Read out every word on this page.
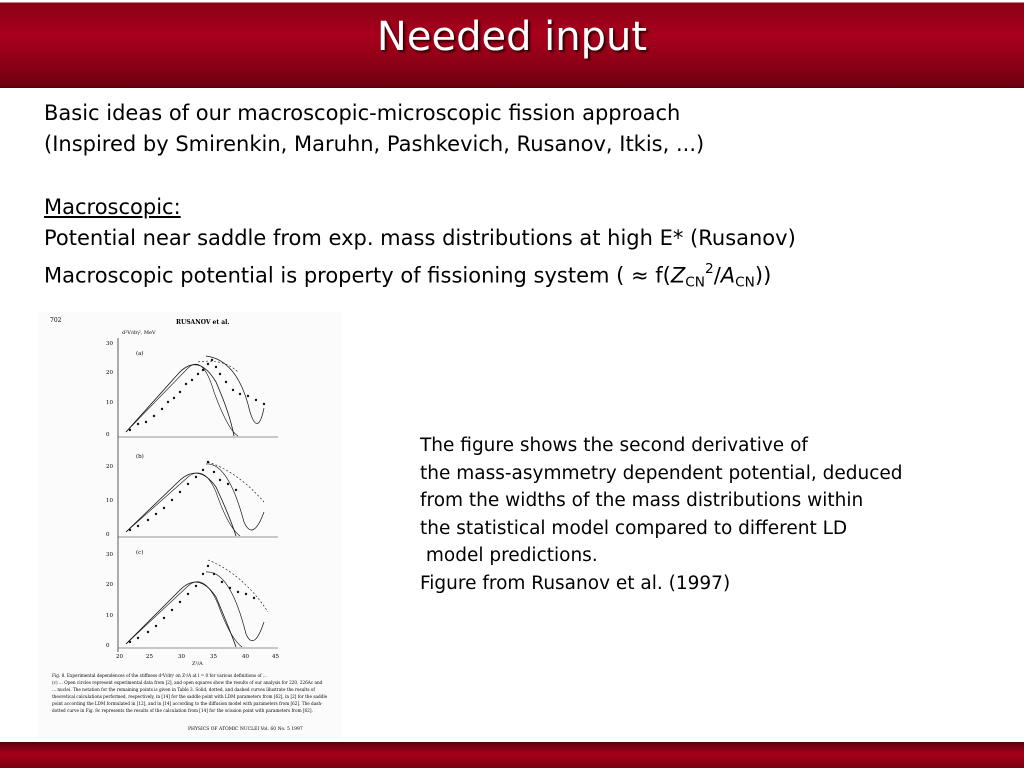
Needed input
Basic ideas of our macroscopic-microscopic fission approach
(Inspired by Smirenkin, Maruhn, Pashkevich, Rusanov, Itkis, ...)
Macroscopic:
Potential near saddle from exp. mass distributions at high E* (Rusanov)
Macroscopic potential is property of fissioning system ( ≈ $f(Z_{CN}^2/A_{CN})$)
702	RUSANOV et al.
d²V/dη², MeV
30
20
10
0
(a)
20
10
0
(b)
30
20
10
0
(c)
20	25	30	35	40	45
Z²/A
Fig. 8. Experimental dependences of the stiffness d²V/dη² on Z²/A at l = 0 for various definitions of ...
(c) ... Open circles represent experimental data from [2], and open squares show the results of our analysis for 220, 226Ac and
... nuclei. The notation for the remaining points is given in Table 3. Solid, dotted, and dashed curves illustrate the results of
theoretical calculations performed, respectively, in [14] for the saddle point with LDM parameters from [62], in [2] for the saddle
point according the LDM formulated in [12], and in [14] according to the diffusion model with parameters from [62]. The dash-
dotted curve in Fig. 8c represents the results of the calculation from [14] for the scission point with parameters from [62].
PHYSICS OF ATOMIC NUCLEI Vol. 60 No. 5 1997
The figure shows the second derivative of
the mass-asymmetry dependent potential, deduced
from the widths of the mass distributions within
the statistical model compared to different LD
model predictions.
Figure from Rusanov et al. (1997)
